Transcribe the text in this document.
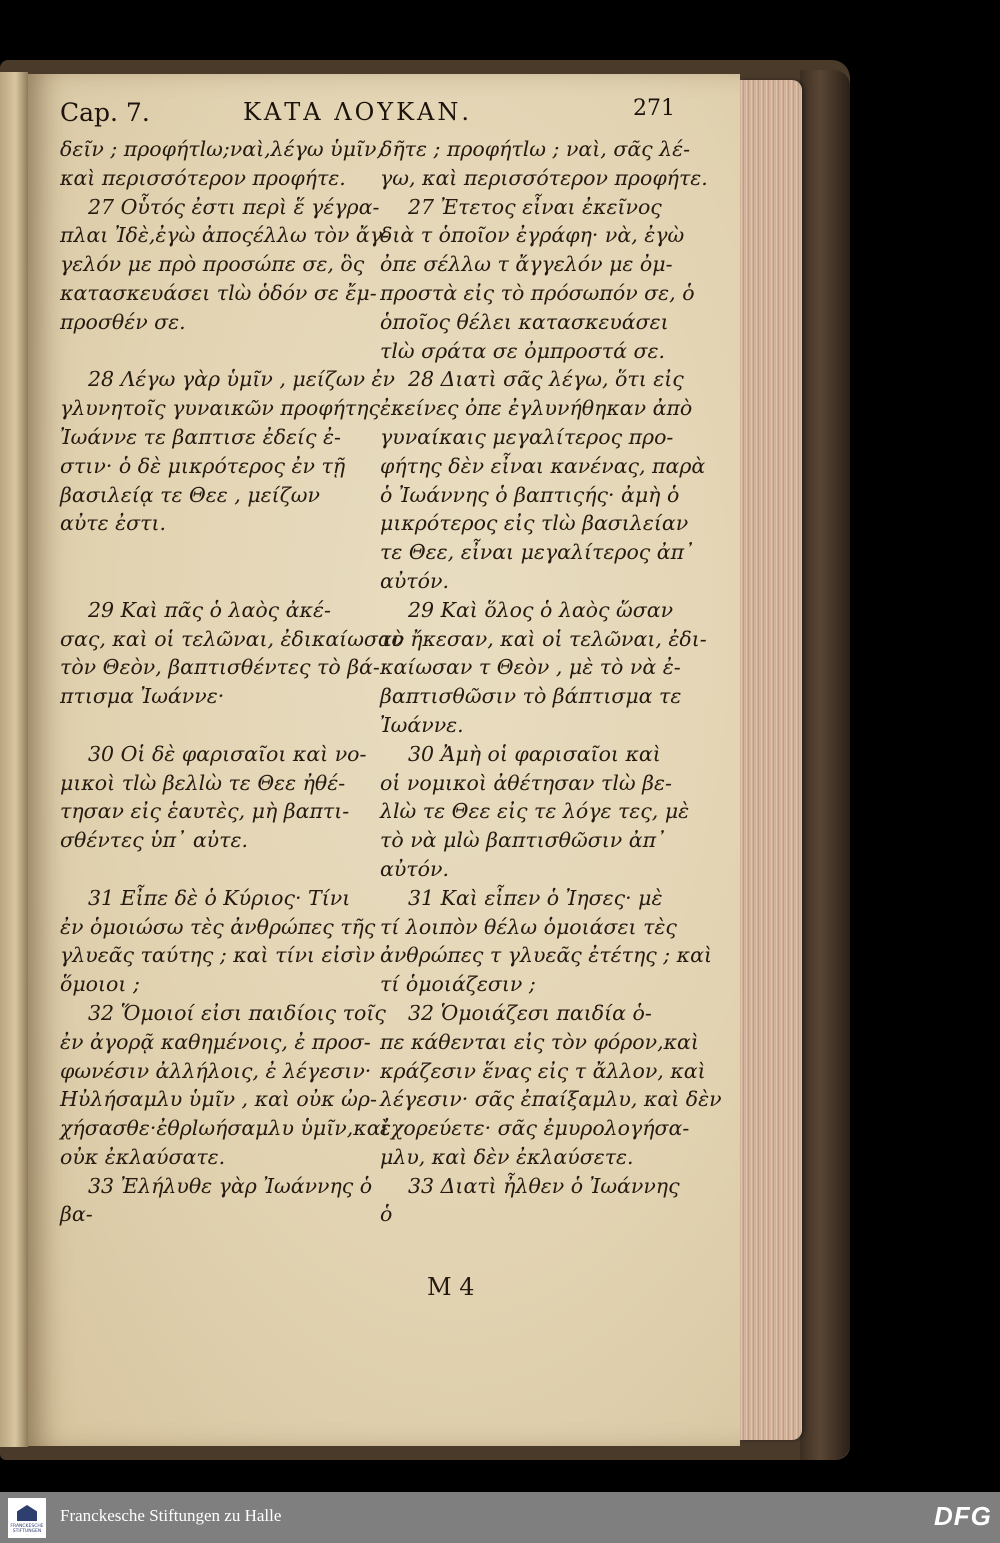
Cap. 7.	ΚΑΤΑ ΛΟΥΚΑΝ.	271
δεῖν ; προφήτlω;ναὶ,λέγω ὑμῖν,
καὶ περισσότερον προφήτε.
27 Οὗτός ἐστι περὶ ἕ γέγρα-
πλαι Ἰδὲ,ἐγὼ ἀποςέλλω τὸν ἄγ-
γελόν με πρὸ προσώπε σε, ὃς
κατασκευάσει τlὼ ὁδόν σε ἔμ-
προσθέν σε.
28 Λέγω γὰρ ὑμῖν , μείζων ἐν
γλυνητοῖς γυναικῶν προφήτης
Ἰωάννε τε βαπτισε ἐδείς ἐ-
στιν· ὁ δὲ μικρότερος ἐν τῇ
βασιλείᾳ τε Θεε , μείζων
αὐτε ἐστι.
29 Καὶ πᾶς ὁ λαὸς ἀκέ-
σας, καὶ οἱ τελῶναι, ἐδικαίωσαν
τὸν Θεὸν, βαπτισθέντες τὸ βά-
πτισμα Ἰωάννε·
30 Οἱ δὲ φαρισαῖοι καὶ νο-
μικοὶ τlὼ βελlὼ τε Θεε ἠθέ-
τησαν εἰς ἑαυτὲς, μὴ βαπτι-
σθέντες ὑπ᾽ αὐτε.
31 Εἶπε δὲ ὁ Κύριος· Τίνι
ἐν ὁμοιώσω τὲς ἀνθρώπες τῆς
γλυεᾶς ταύτης ; καὶ τίνι εἰσὶν
ὅμοιοι ;
32 Ὅμοιοί εἰσι παιδίοις τοῖς
ἐν ἀγορᾷ καθημένοις, ἐ προσ-
φωνέσιν ἀλλήλοις, ἐ λέγεσιν·
Ηὐλήσαμλυ ὑμῖν , καὶ οὐκ ὠρ-
χήσασθε·ἐθρlωήσαμλυ ὑμῖν,καὶ
οὐκ ἐκλαύσατε.
33 Ἐλήλυθε γὰρ Ἰωάννης ὁ
βα-
δῆτε ; προφήτlω ; ναὶ, σᾶς λέ-
γω, καὶ περισσότερον προφήτε.
27 Ἐτετος εἶναι ἐκεῖνος
διὰ τ ὁποῖον ἐγράφη· νὰ, ἐγὼ
ὀπε σέλλω τ ἄγγελόν με ὀμ-
προστὰ εἰς τὸ πρόσωπόν σε, ὁ
ὁποῖος θέλει κατασκευάσει
τlὼ σράτα σε ὀμπροστά σε.
28 Διατὶ σᾶς λέγω, ὅτι εἰς
ἐκείνες ὀπε ἐγλυνήθηκαν ἀπὸ
γυναίκαις μεγαλίτερος προ-
φήτης δὲν εἶναι κανένας, παρὰ
ὁ Ἰωάννης ὁ βαπτιςής· ἀμὴ ὁ
μικρότερος εἰς τlὼ βασιλείαν
τε Θεε, εἶναι μεγαλίτερος ἀπ᾽
αὐτόν.
29 Καὶ ὅλος ὁ λαὸς ὥσαν
τὸ ἤκεσαν, καὶ οἱ τελῶναι, ἐδι-
καίωσαν τ Θεὸν , μὲ τὸ νὰ ἐ-
βαπτισθῶσιν τὸ βάπτισμα τε
Ἰωάννε.
30 Ἀμὴ οἱ φαρισαῖοι καὶ
οἱ νομικοὶ ἀθέτησαν τlὼ βε-
λlὼ τε Θεε εἰς τε λόγε τες, μὲ
τὸ νὰ μlὼ βαπτισθῶσιν ἀπ᾽
αὐτόν.
31 Καὶ εἶπεν ὁ Ἰησες· μὲ
τί λοιπὸν θέλω ὁμοιάσει τὲς
ἀνθρώπες τ γλυεᾶς ἐτέτης ; καὶ
τί ὁμοιάζεσιν ;
32 Ὁμοιάζεσι παιδία ὁ-
πε κάθενται εἰς τὸν φόρον,καὶ
κράζεσιν ἕνας εἰς τ ἄλλον, καὶ
λέγεσιν· σᾶς ἐπαίξαμλυ, καὶ δὲν
ἐχορεύετε· σᾶς ἐμυρολογήσα-
μλυ, καὶ δὲν ἐκλαύσετε.
33 Διατὶ ἦλθεν ὁ Ἰωάννης
ὁ
M 4
FRANCKESCHE STIFTUNGEN
Franckesche Stiftungen zu Halle	DFG
